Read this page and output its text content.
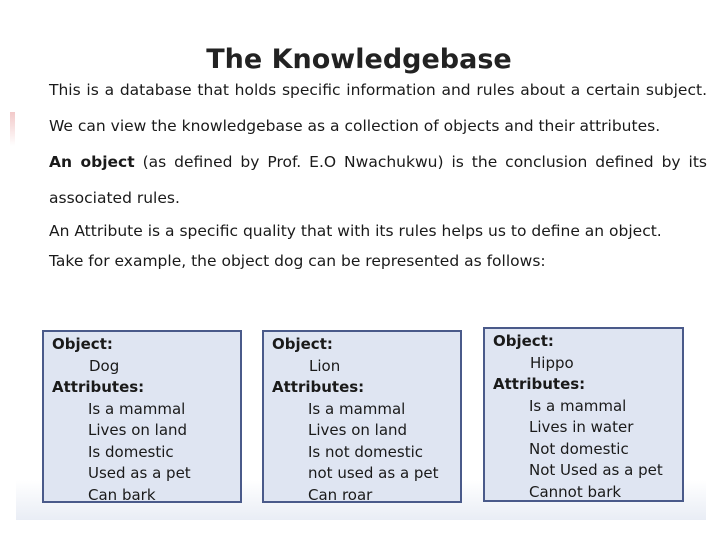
The Knowledgebase

This is a database that holds specific information and rules about a certain subject. We can view the knowledgebase as a collection of objects and their attributes.

An object (as defined by Prof. E.O Nwachukwu) is the conclusion defined by its associated rules.

An Attribute is a specific quality that with its rules helps us to define an object.

Take for example, the object dog can be represented as follows:

Object:
Dog
Attributes:
Is a mammal
Lives on land
Is domestic
Used as a pet
Can bark
Object:
Lion
Attributes:
Is a mammal
Lives on land
Is not domestic
not used as a pet
Can roar
Object:
Hippo
Attributes:
Is a mammal
Lives in water
Not domestic
Not Used as a pet
Cannot bark
